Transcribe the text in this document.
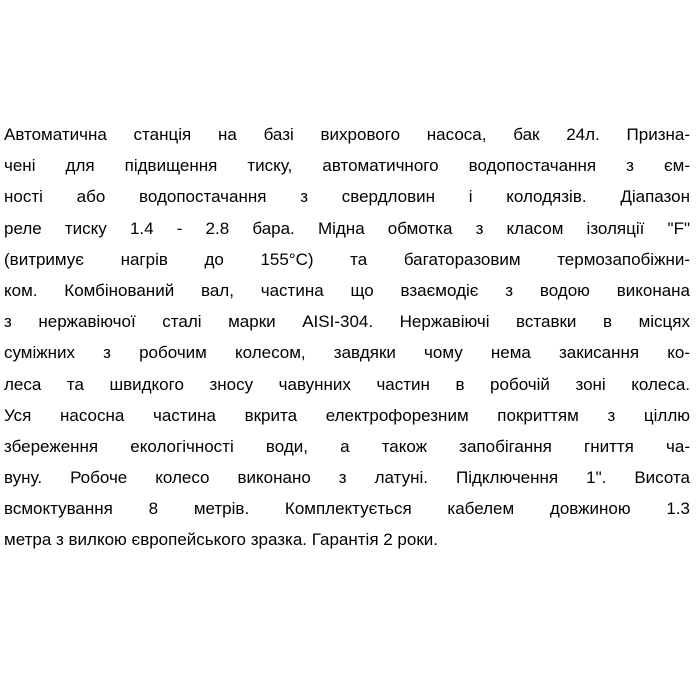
Автоматична станція на базі вихрового насоса, бак 24л. Призна-
чені для підвищення тиску, автоматичного водопостачання з єм-
ності або водопостачання з свердловин і колодязів. Діапазон
реле тиску 1.4 - 2.8 бара. Мідна обмотка з класом ізоляції "F"
(витримує нагрів до 155°C) та багаторазовим термозапобіжни-
ком. Комбінований вал, частина що взаємодіє з водою виконана
з нержавіючої сталі марки AISI-304. Нержавіючі вставки в місцях
суміжних з робочим колесом, завдяки чому нема закисання ко-
леса та швидкого зносу чавунних частин в робочій зоні колеса.
Уся насосна частина вкрита електрофорезним покриттям з ціллю
збереження екологічності води, а також запобігання гниття ча-
вуну. Робоче колесо виконано з латуні. Підключення 1". Висота
всмоктування 8 метрів. Комплектується кабелем довжиною 1.3
метра з вилкою європейського зразка. Гарантія 2 роки.
